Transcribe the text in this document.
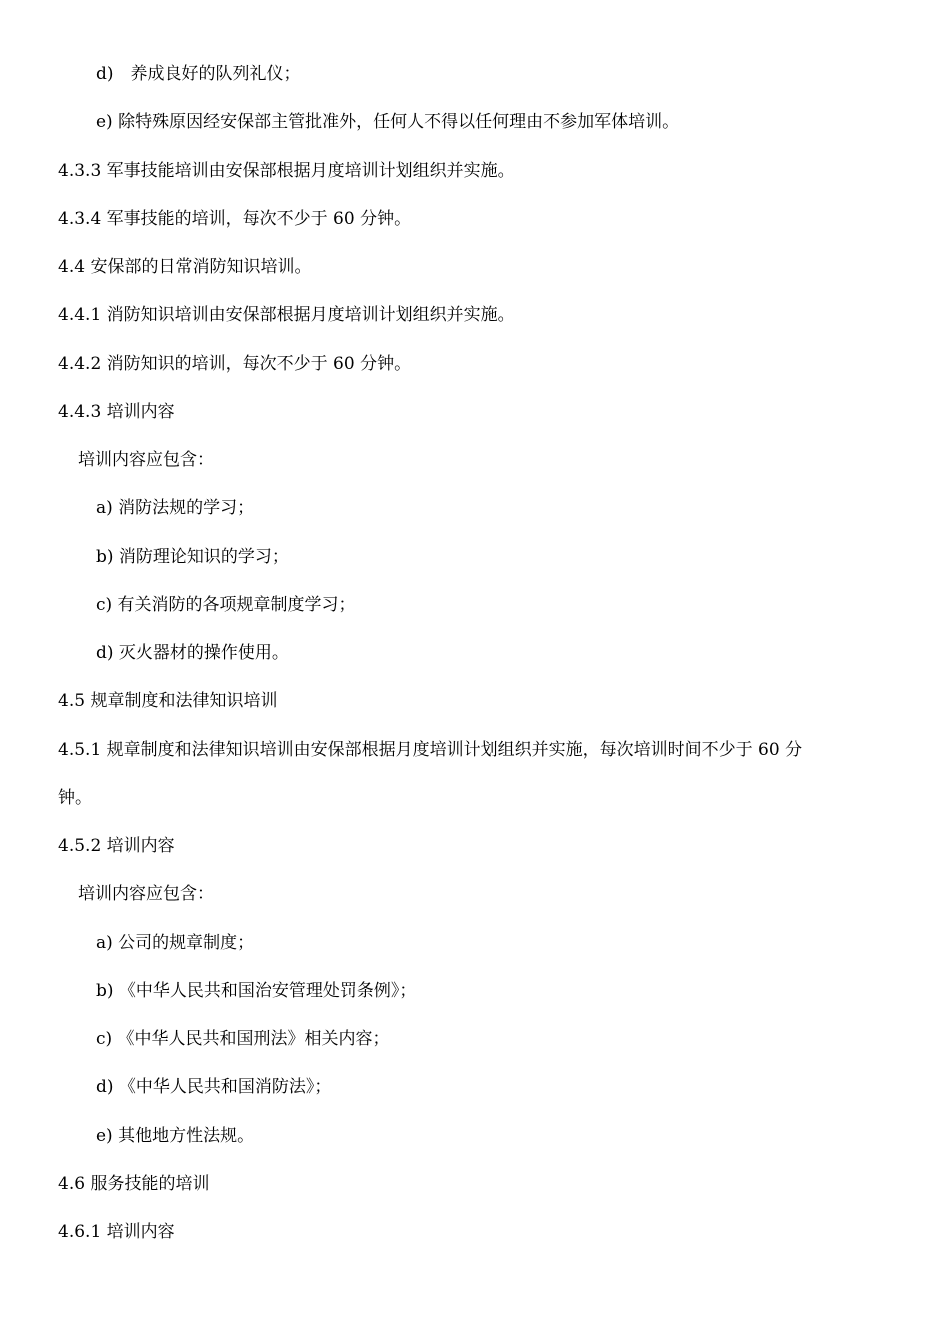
d)　养成良好的队列礼仪；
e) 除特殊原因经安保部主管批准外，任何人不得以任何理由不参加军体培训。
4.3.3 军事技能培训由安保部根据月度培训计划组织并实施。
4.3.4 军事技能的培训，每次不少于 60 分钟。
4.4 安保部的日常消防知识培训。
4.4.1 消防知识培训由安保部根据月度培训计划组织并实施。
4.4.2 消防知识的培训，每次不少于 60 分钟。
4.4.3 培训内容
培训内容应包含：
a) 消防法规的学习；
b) 消防理论知识的学习；
c) 有关消防的各项规章制度学习；
d) 灭火器材的操作使用。
4.5 规章制度和法律知识培训
4.5.1 规章制度和法律知识培训由安保部根据月度培训计划组织并实施，每次培训时间不少于 60 分
钟。
4.5.2 培训内容
培训内容应包含：
a) 公司的规章制度；
b) 《中华人民共和国治安管理处罚条例》；
c) 《中华人民共和国刑法》相关内容；
d) 《中华人民共和国消防法》；
e) 其他地方性法规。
4.6 服务技能的培训
4.6.1 培训内容
